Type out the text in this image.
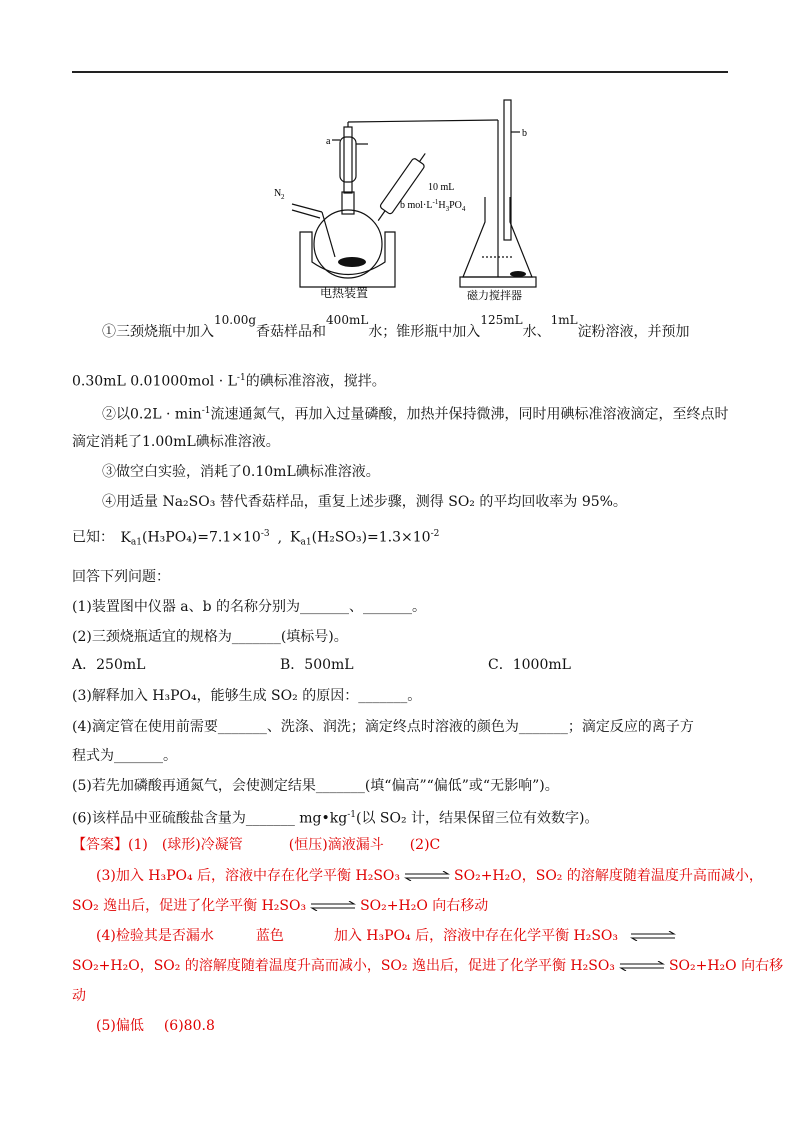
a
b
N 2
10 mL
b $mol\cdot L^{-1}H_3PO_4$
电热装置	磁力搅拌器
①三颈烧瓶中加入10.00g香菇样品和400mL水；锥形瓶中加入125mL水、1mL淀粉溶液，并预加
0.30mL $0.01000mol \cdot L^{-1}$的碘标准溶液，搅拌。
②以$0.2L \cdot \min^{-1}$流速通氮气，再加入过量磷酸，加热并保持微沸，同时用碘标准溶液滴定，至终点时
滴定消耗了1.00mL碘标准溶液。
③做空白实验，消耗了0.10mL碘标准溶液。
④用适量 Na₂SO₃ 替代香菇样品，重复上述步骤，测得 SO₂ 的平均回收率为 95%。
已知： $K_{a1}(H_3PO_4)=7.1\times 10^{-3}$ , $K_{a1}(H_2SO_3)=1.3\times 10^{-2}$
回答下列问题：
(1)装置图中仪器 a、b 的名称分别为_______、_______。
(2)三颈烧瓶适宜的规格为_______(填标号)。
A．250mL	B．500mL	C．1000mL
(3)解释加入 H₃PO₄，能够生成 SO₂ 的原因：_______。
(4)滴定管在使用前需要_______、洗涤、润洗；滴定终点时溶液的颜色为_______；滴定反应的离子方
程式为_______。
(5)若先加磷酸再通氮气，会使测定结果_______(填“偏高”“偏低”或“无影响”)。
(6)该样品中亚硫酸盐含量为_______ $mg•kg^{-1}$(以 SO₂ 计，结果保留三位有效数字)。
【答案】(1)　(球形)冷凝管	(恒压)滴液漏斗 (2)C
(3)加入 H₃PO₄ 后，溶液中存在化学平衡 H₂SO₃ ⇌ SO₂+H₂O，SO₂ 的溶解度随着温度升高而减小，
SO₂ 逸出后，促进了化学平衡 H₂SO₃ ⇌ SO₂+H₂O 向右移动
(4)检验其是否漏水	蓝色	加入 H₃PO₄ 后，溶液中存在化学平衡 H₂SO₃ ⇌
SO₂+H₂O，SO₂ 的溶解度随着温度升高而减小，SO₂ 逸出后，促进了化学平衡 H₂SO₃ ⇌ SO₂+H₂O 向右移
动
(5)偏低 (6)80.8
